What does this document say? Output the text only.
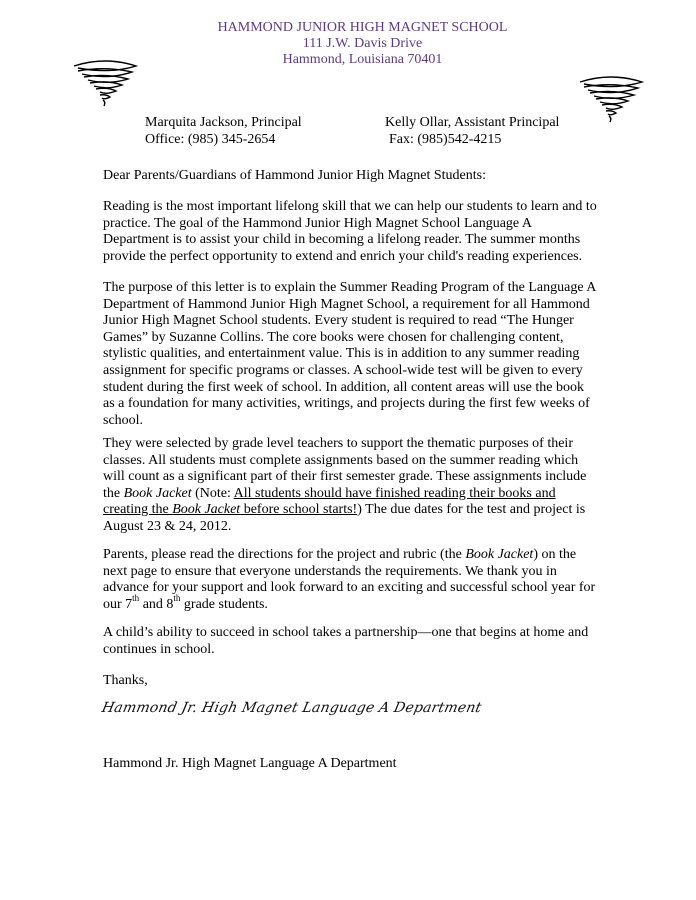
HAMMOND JUNIOR HIGH MAGNET SCHOOL
111 J.W. Davis Drive
Hammond, Louisiana 70401
Marquita Jackson, Principal
Office: (985) 345-2654
Kelly Ollar, Assistant Principal
Fax: (985)542-4215

Dear Parents/Guardians of Hammond Junior High Magnet Students:

Reading is the most important lifelong skill that we can help our students to learn and to practice. The goal of the Hammond Junior High Magnet School Language A Department is to assist your child in becoming a lifelong reader. The summer months provide the perfect opportunity to extend and enrich your child's reading experiences.

The purpose of this letter is to explain the Summer Reading Program of the Language A Department of Hammond Junior High Magnet School, a requirement for all Hammond Junior High Magnet School students. Every student is required to read “The Hunger Games” by Suzanne Collins. The core books were chosen for challenging content, stylistic qualities, and entertainment value. This is in addition to any summer reading assignment for specific programs or classes. A school-wide test will be given to every student during the first week of school. In addition, all content areas will use the book as a foundation for many activities, writings, and projects during the first few weeks of school.

They were selected by grade level teachers to support the thematic purposes of their classes. All students must complete assignments based on the summer reading which will count as a significant part of their first semester grade. These assignments include the Book Jacket (Note: All students should have finished reading their books and creating the Book Jacket before school starts!) The due dates for the test and project is August 23 & 24, 2012.

Parents, please read the directions for the project and rubric (the Book Jacket) on the next page to ensure that everyone understands the requirements. We thank you in advance for your support and look forward to an exciting and successful school year for our 7th and 8th grade students.

A child’s ability to succeed in school takes a partnership—one that begins at home and continues in school.

Thanks,

Hammond Jr. High Magnet Language A Department

Hammond Jr. High Magnet Language A Department
